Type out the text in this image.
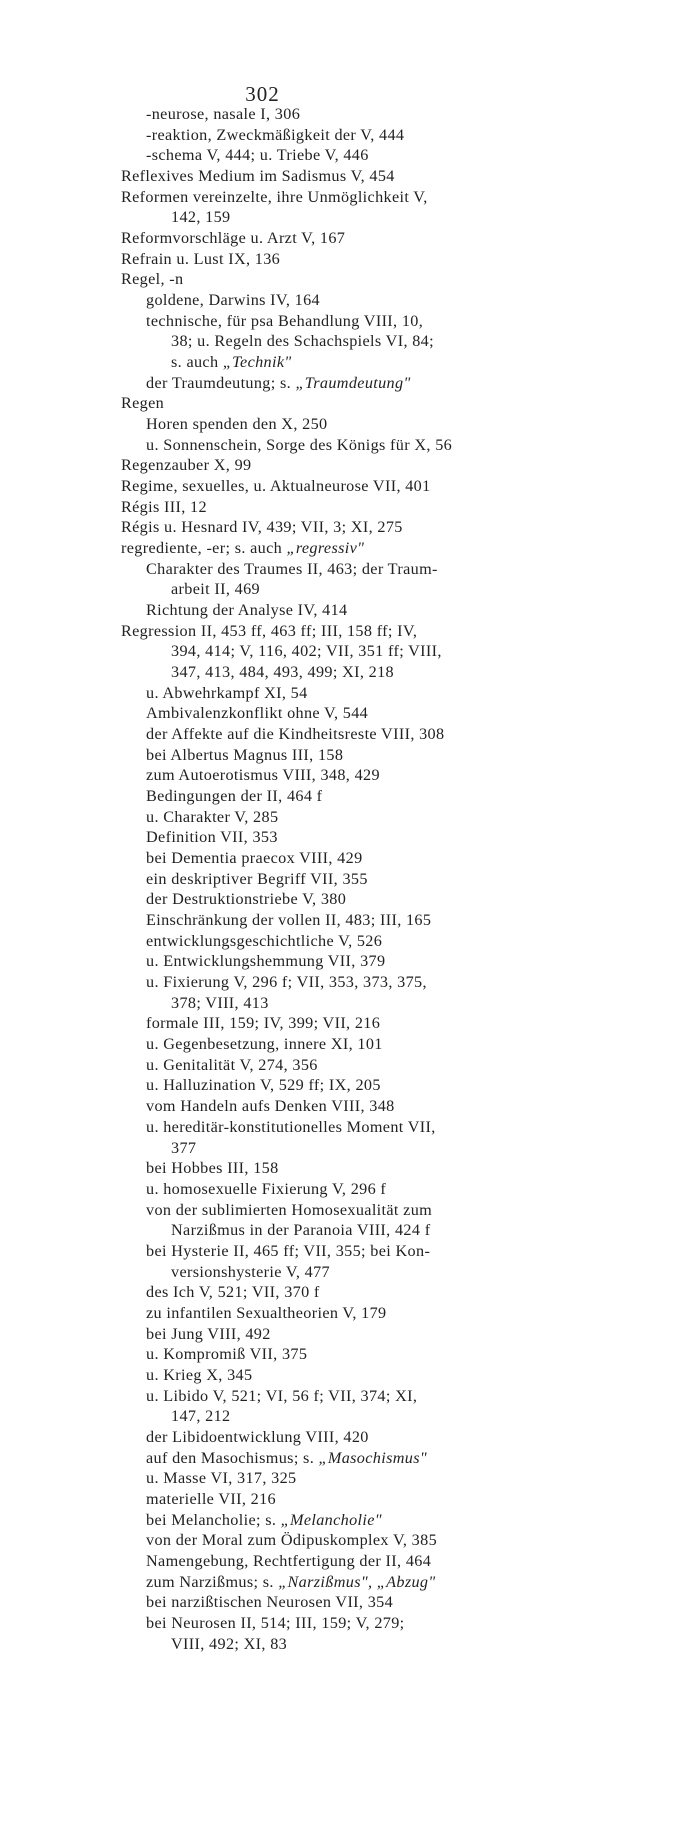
302
-neurose, nasale I, 306
-reaktion, Zweckmäßigkeit der V, 444
-schema V, 444; u. Triebe V, 446
Reflexives Medium im Sadismus V, 454
Reformen vereinzelte, ihre Unmöglichkeit V,
142, 159
Reformvorschläge u. Arzt V, 167
Refrain u. Lust IX, 136
Regel, -n
goldene, Darwins IV, 164
technische, für psa Behandlung VIII, 10,
38; u. Regeln des Schachspiels VI, 84;
s. auch „Technik"
der Traumdeutung; s. „Traumdeutung"
Regen
Horen spenden den X, 250
u. Sonnenschein, Sorge des Königs für X, 56
Regenzauber X, 99
Regime, sexuelles, u. Aktualneurose VII, 401
Régis III, 12
Régis u. Hesnard IV, 439; VII, 3; XI, 275
regrediente, -er; s. auch „regressiv"
Charakter des Traumes II, 463; der Traum-
arbeit II, 469
Richtung der Analyse IV, 414
Regression II, 453 ff, 463 ff; III, 158 ff; IV,
394, 414; V, 116, 402; VII, 351 ff; VIII,
347, 413, 484, 493, 499; XI, 218
u. Abwehrkampf XI, 54
Ambivalenzkonflikt ohne V, 544
der Affekte auf die Kindheitsreste VIII, 308
bei Albertus Magnus III, 158
zum Autoerotismus VIII, 348, 429
Bedingungen der II, 464 f
u. Charakter V, 285
Definition VII, 353
bei Dementia praecox VIII, 429
ein deskriptiver Begriff VII, 355
der Destruktionstriebe V, 380
Einschränkung der vollen II, 483; III, 165
entwicklungsgeschichtliche V, 526
u. Entwicklungshemmung VII, 379
u. Fixierung V, 296 f; VII, 353, 373, 375,
378; VIII, 413
formale III, 159; IV, 399; VII, 216
u. Gegenbesetzung, innere XI, 101
u. Genitalität V, 274, 356
u. Halluzination V, 529 ff; IX, 205
vom Handeln aufs Denken VIII, 348
u. hereditär-konstitutionelles Moment VII,
377
bei Hobbes III, 158
u. homosexuelle Fixierung V, 296 f
von der sublimierten Homosexualität zum
Narzißmus in der Paranoia VIII, 424 f
bei Hysterie II, 465 ff; VII, 355; bei Kon-
versionshysterie V, 477
des Ich V, 521; VII, 370 f
zu infantilen Sexualtheorien V, 179
bei Jung VIII, 492
u. Kompromiß VII, 375
u. Krieg X, 345
u. Libido V, 521; VI, 56 f; VII, 374; XI,
147, 212
der Libidoentwicklung VIII, 420
auf den Masochismus; s. „Masochismus"
u. Masse VI, 317, 325
materielle VII, 216
bei Melancholie; s. „Melancholie"
von der Moral zum Ödipuskomplex V, 385
Namengebung, Rechtfertigung der II, 464
zum Narzißmus; s. „Narzißmus", „Abzug"
bei narzißtischen Neurosen VII, 354
bei Neurosen II, 514; III, 159; V, 279;
VIII, 492; XI, 83
